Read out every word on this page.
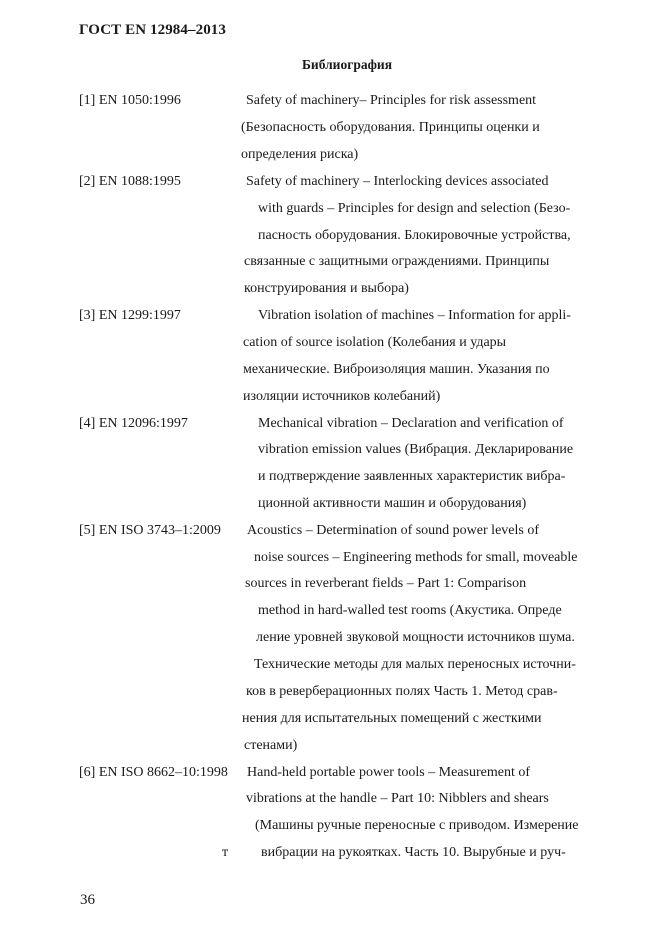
ГОСТ EN 12984–2013
Библиография
[1] EN 1050:1996	Safety of machinery– Principles for risk assessment
(Безопасность оборудования. Принципы оценки и
определения риска)
[2] EN 1088:1995	Safety of machinery – Interlocking devices associated
with guards – Principles for design and selection (Безо-
пасность оборудования. Блокировочные устройства,
связанные с защитными ограждениями. Принципы
конструирования и выбора)
[3] EN 1299:1997	Vibration isolation of machines – Information for appli-
cation of source isolation (Колебания и удары
механические. Виброизоляция машин. Указания по
изоляции источников колебаний)
[4] EN 12096:1997	Mechanical vibration – Declaration and verification of
vibration emission values (Вибрация. Декларирование
и подтверждение заявленных характеристик вибра-
ционной активности машин и оборудования)
[5] EN ISO 3743–1:2009 Acoustics – Determination of sound power levels of
noise sources – Engineering methods for small, moveable
sources in reverberant fields – Part 1: Comparison
method in hard-walled test rooms (Акустика. Опреде
ление уровней звуковой мощности источников шума.
Технические методы для малых переносных источни-
ков в реверберационных полях Часть 1. Метод срав-
нения для испытательных помещений с жесткими
стенами)
[6] EN ISO 8662–10:1998 Hand-held portable power tools – Measurement of
vibrations at the handle – Part 10: Nibblers and shears
(Машины ручные переносные с приводом. Измерение
вибрации на рукоятках. Часть 10. Вырубные и руч-
т
36
